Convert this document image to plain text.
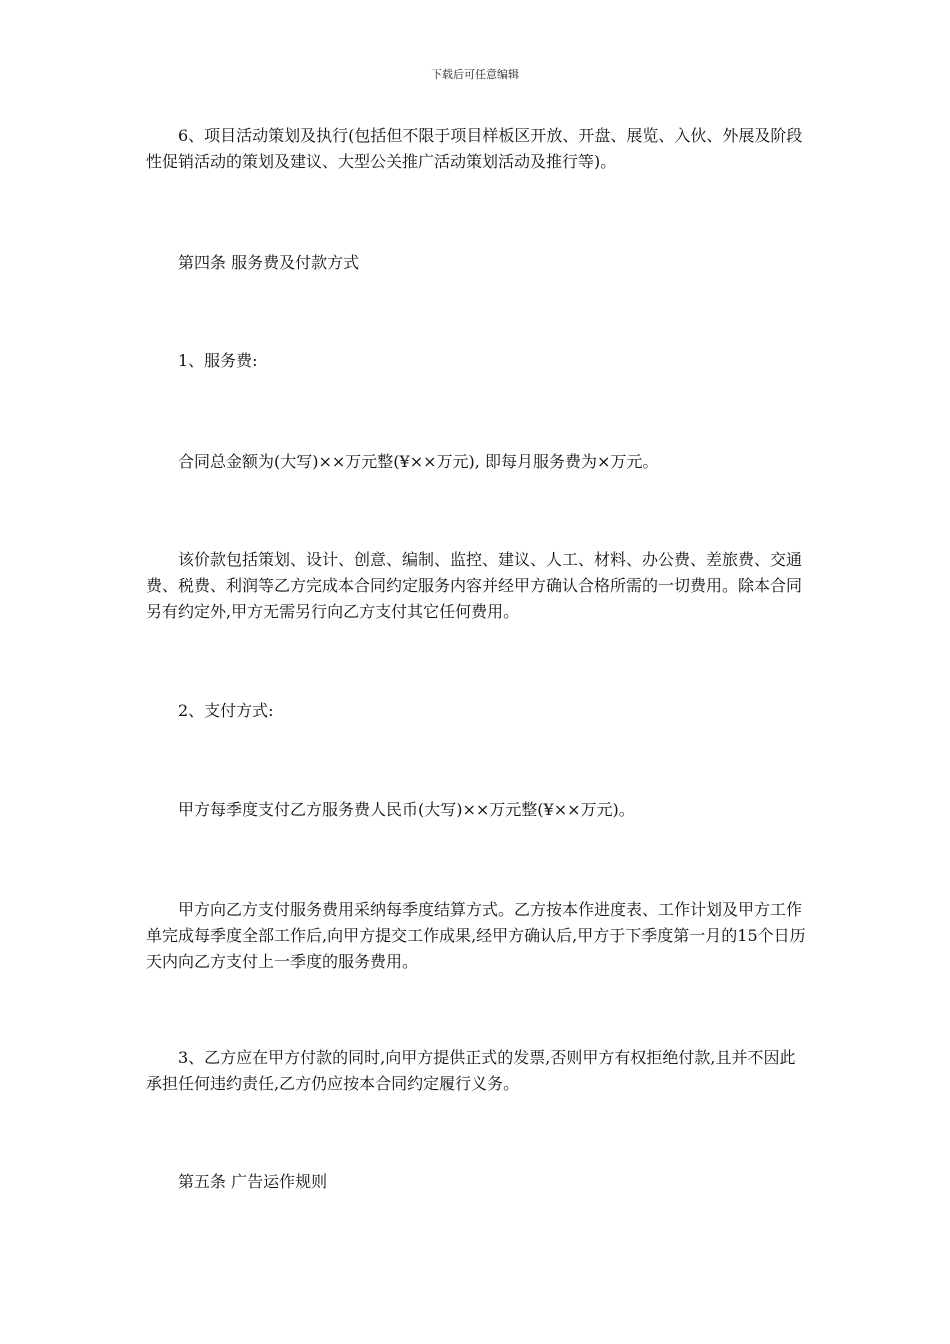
下载后可任意编辑

6、项目活动策划及执行(包括但不限于项目样板区开放、开盘、展览、入伙、外展及阶段性促销活动的策划及建议、大型公关推广活动策划活动及推行等)。

第四条 服务费及付款方式

1、服务费:

合同总金额为(大写)××万元整(¥××万元), 即每月服务费为×万元。

该价款包括策划、设计、创意、编制、监控、建议、人工、材料、办公费、差旅费、交通费、税费、利润等乙方完成本合同约定服务内容并经甲方确认合格所需的一切费用。除本合同另有约定外,甲方无需另行向乙方支付其它任何费用。

2、支付方式:

甲方每季度支付乙方服务费人民币(大写)××万元整(¥××万元)。

甲方向乙方支付服务费用采纳每季度结算方式。乙方按本作进度表、工作计划及甲方工作单完成每季度全部工作后,向甲方提交工作成果,经甲方确认后,甲方于下季度第一月的15个日历天内向乙方支付上一季度的服务费用。

3、乙方应在甲方付款的同时,向甲方提供正式的发票,否则甲方有权拒绝付款,且并不因此承担任何违约责任,乙方仍应按本合同约定履行义务。

第五条 广告运作规则
